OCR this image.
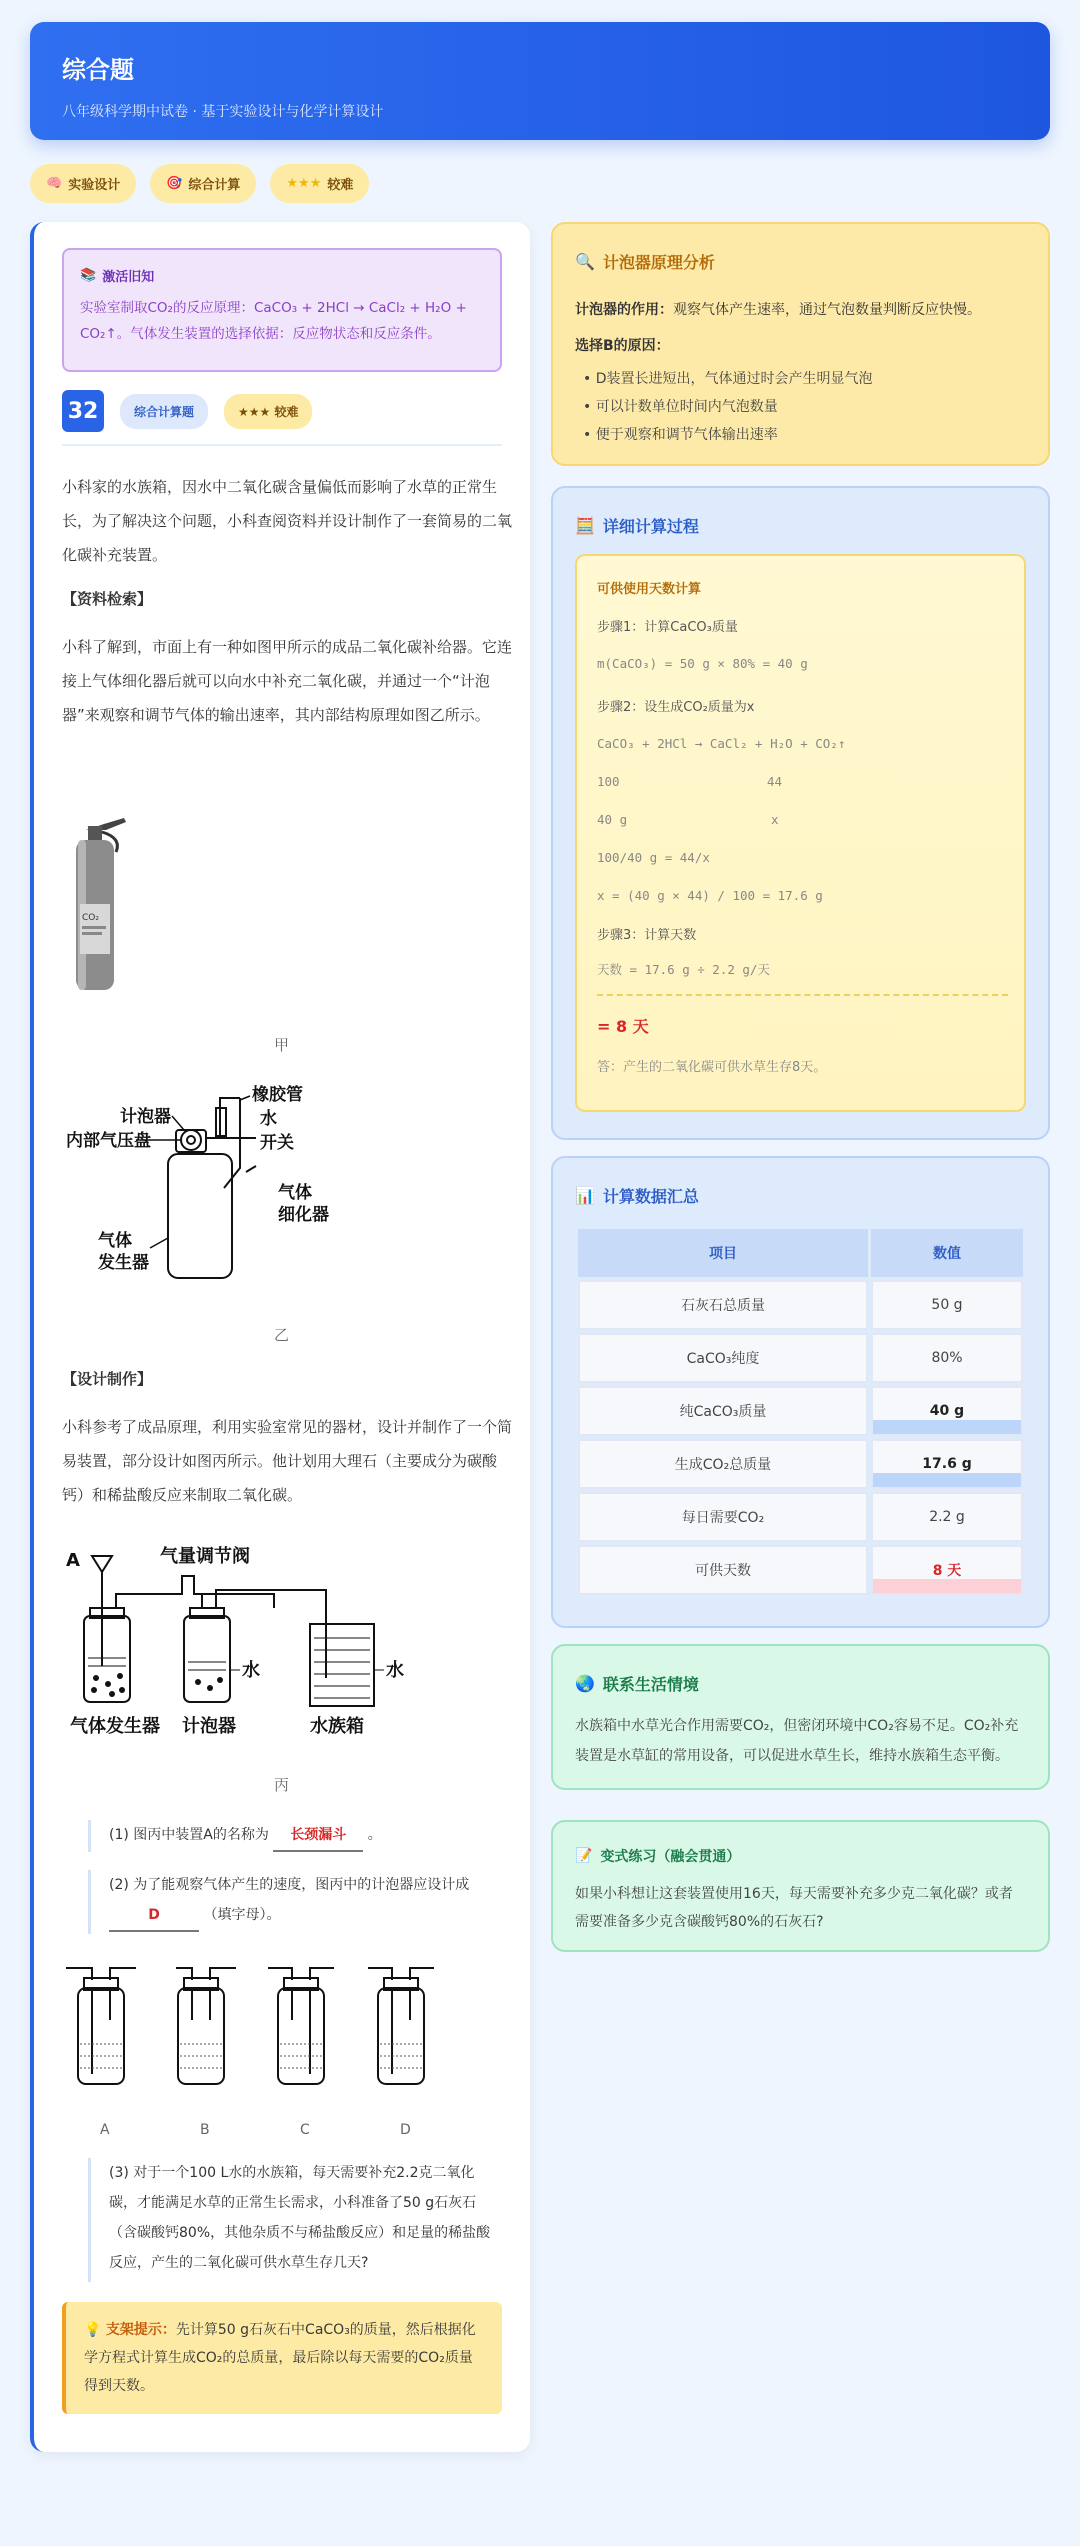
综合题

八年级科学期中试卷 · 基于实验设计与化学计算设计

🧠 实验设计	🎯 综合计算	★★★ 较难
📚 激活旧知
实验室制取CO₂的反应原理：CaCO₃ + 2HCl → CaCl₂ + H₂O + CO₂↑。气体发生装置的选择依据：反应物状态和反应条件。
32	综合计算题	★★★ 较难
小科家的水族箱，因水中二氧化碳含量偏低而影响了水草的正常生长，为了解决这个问题，小科查阅资料并设计制作了一套简易的二氧化碳补充装置。
【资料检索】
小科了解到，市面上有一种如图甲所示的成品二氧化碳补给器。它连接上气体细化器后就可以向水中补充二氧化碳，并通过一个“计泡器”来观察和调节气体的输出速率，其内部结构原理如图乙所示。
CO₂
甲
计泡器
橡胶管
水
内部气压盘	开关
气体
细化器
气体
发生器
乙
【设计制作】
小科参考了成品原理，利用实验室常见的器材，设计并制作了一个简易装置，部分设计如图丙所示。他计划用大理石（主要成分为碳酸钙）和稀盐酸反应来制取二氧化碳。
A	气量调节阀
水	水
气体发生器 计泡器	水族箱
丙
(1) 图丙中装置A的名称为 长颈漏斗 。
(2) 为了能观察气体产生的速度，图丙中的计泡器应设计成
D	（填字母）。
A	B	C	D
(3) 对于一个100 L水的水族箱，每天需要补充2.2克二氧化碳，才能满足水草的正常生长需求，小科准备了50 g石灰石（含碳酸钙80%，其他杂质不与稀盐酸反应）和足量的稀盐酸反应，产生的二氧化碳可供水草生存几天?
💡 支架提示：先计算50 g石灰石中CaCO₃的质量，然后根据化学方程式计算生成CO₂的总质量，最后除以每天需要的CO₂质量得到天数。
🔍 计泡器原理分析
计泡器的作用：观察气体产生速率，通过气泡数量判断反应快慢。
选择B的原因：
• D装置长进短出，气体通过时会产生明显气泡
• 可以计数单位时间内气泡数量
• 便于观察和调节气体输出速率
🧮 详细计算过程
可供使用天数计算
步骤1：计算CaCO₃质量
m(CaCO₃) = 50 g × 80% = 40 g
步骤2：设生成CO₂质量为x
CaCO₃ + 2HCl → CaCl₂ + H₂O + CO₂↑
100	44
40 g	x
100/40 g = 44/x
x = (40 g × 44) / 100 = 17.6 g
步骤3：计算天数
天数 = 17.6 g ÷ 2.2 g/天
= 8 天
答：产生的二氧化碳可供水草生存8天。
📊 计算数据汇总
项目	数值
石灰石总质量	50 g
CaCO₃纯度	80%
纯CaCO₃质量	40 g

生成CO₂总质量	17.6 g

每日需要CO₂	2.2 g
可供天数	8 天
🌏 联系生活情境

水族箱中水草光合作用需要CO₂，但密闭环境中CO₂容易不足。CO₂补充装置是水草缸的常用设备，可以促进水草生长，维持水族箱生态平衡。

📝 变式练习（融会贯通）

如果小科想让这套装置使用16天，每天需要补充多少克二氧化碳？或者需要准备多少克含碳酸钙80%的石灰石?
